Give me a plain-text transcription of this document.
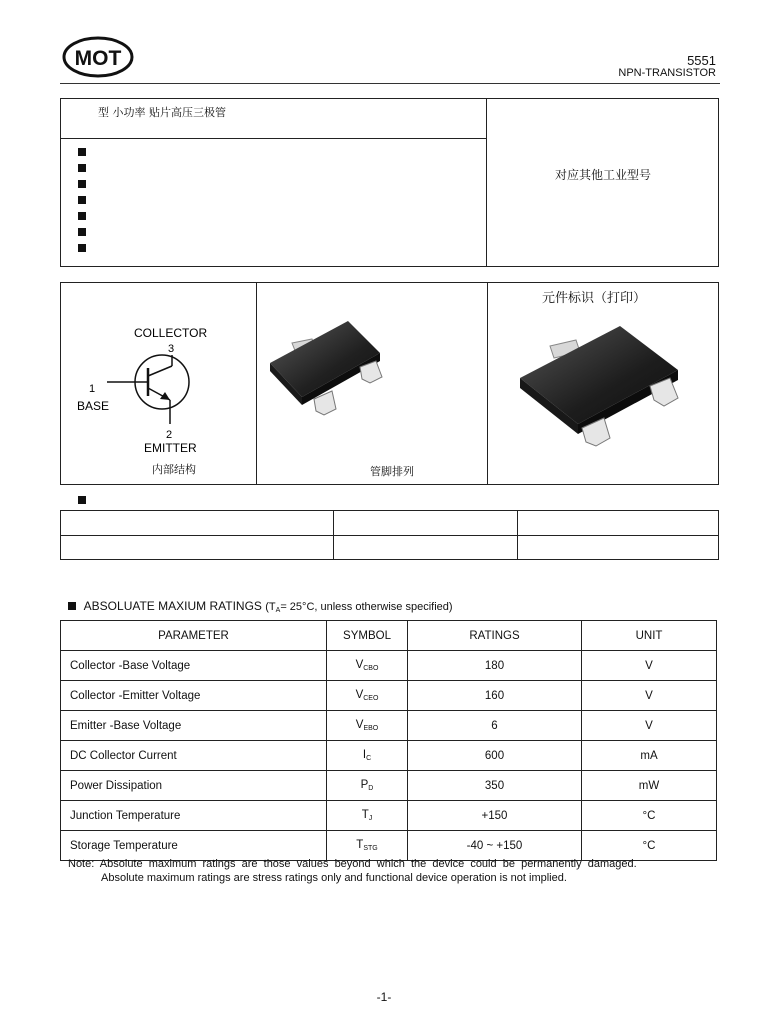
MOT	5551
NPN-TRANSISTOR
型 小功率 贴片高压三极管
对应其他工业型号
COLLECTOR
3
1
BASE
2
EMITTER
内部结构	管脚排列
元件标识（打印）

ABSOLUATE MAXIUM RATINGS ($T_A= 25^\circ C$, unless otherwise specified)
PARAMETER	SYMBOL	RATINGS	UNIT
Collector -Base Voltage	$V_{CBO}$	180	V
Collector -Emitter Voltage	$V_{CEO}$	160	V
Emitter -Base Voltage	$V_{EBO}$	6	V
DC Collector Current	$I_C$	600	mA
Power Dissipation	$P_D$	350	mW
Junction Temperature	$T_J$	+150	°C
Storage Temperature	$T_{STG}$	-40 ~ +150	°C
Note:  Absolute  maximum  ratings  are  those  values  beyond  which  the  device  could  be  permanently  damaged.
Absolute maximum ratings are stress ratings only and functional device operation is not implied.
-1-
